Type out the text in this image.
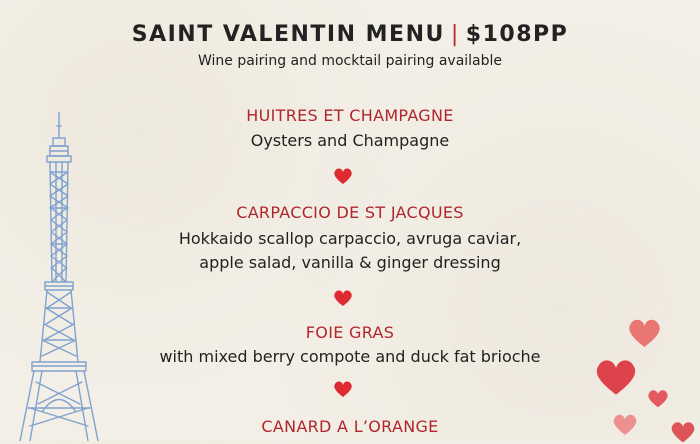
SAINT VALENTIN MENU | $108PP
Wine pairing and mocktail pairing available
HUITRES ET CHAMPAGNE
Oysters and Champagne
CARPACCIO DE ST JACQUES
Hokkaido scallop carpaccio, avruga caviar,
apple salad, vanilla & ginger dressing
FOIE GRAS
with mixed berry compote and duck fat brioche
CANARD A L’ORANGE
